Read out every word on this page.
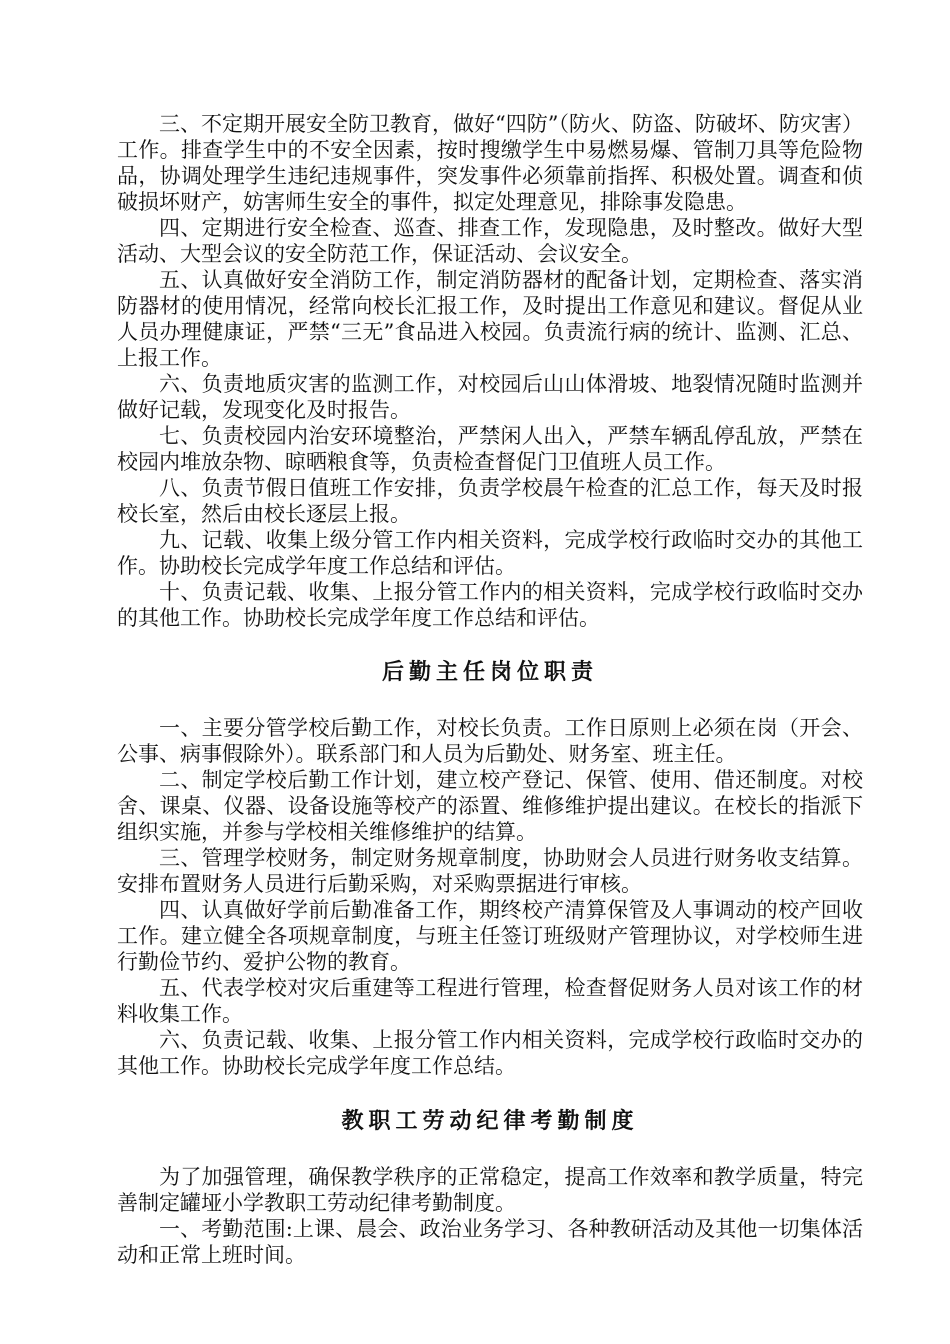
三、不定期开展安全防卫教育，做好“四防”（防火、防盗、防破坏、防灾害）工作。排查学生中的不安全因素，按时搜缴学生中易燃易爆、管制刀具等危险物品，协调处理学生违纪违规事件，突发事件必须靠前指挥、积极处置。调查和侦破损坏财产，妨害师生安全的事件，拟定处理意见，排除事发隐患。

四、定期进行安全检查、巡查、排查工作，发现隐患，及时整改。做好大型活动、大型会议的安全防范工作，保证活动、会议安全。

五、认真做好安全消防工作，制定消防器材的配备计划，定期检查、落实消防器材的使用情况，经常向校长汇报工作，及时提出工作意见和建议。督促从业人员办理健康证，严禁“三无”食品进入校园。负责流行病的统计、监测、汇总、上报工作。

六、负责地质灾害的监测工作，对校园后山山体滑坡、地裂情况随时监测并做好记载，发现变化及时报告。

七、负责校园内治安环境整治，严禁闲人出入，严禁车辆乱停乱放，严禁在校园内堆放杂物、晾晒粮食等，负责检查督促门卫值班人员工作。

八、负责节假日值班工作安排，负责学校晨午检查的汇总工作，每天及时报校长室，然后由校长逐层上报。

九、记载、收集上级分管工作内相关资料，完成学校行政临时交办的其他工作。协助校长完成学年度工作总结和评估。

十、负责记载、收集、上报分管工作内的相关资料，完成学校行政临时交办的其他工作。协助校长完成学年度工作总结和评估。

后勤主任岗位职责

一、主要分管学校后勤工作，对校长负责。工作日原则上必须在岗（开会、公事、病事假除外）。联系部门和人员为后勤处、财务室、班主任。

二、制定学校后勤工作计划，建立校产登记、保管、使用、借还制度。对校舍、课桌、仪器、设备设施等校产的添置、维修维护提出建议。在校长的指派下组织实施，并参与学校相关维修维护的结算。

三、管理学校财务，制定财务规章制度，协助财会人员进行财务收支结算。安排布置财务人员进行后勤采购，对采购票据进行审核。

四、认真做好学前后勤准备工作，期终校产清算保管及人事调动的校产回收工作。建立健全各项规章制度，与班主任签订班级财产管理协议，对学校师生进行勤俭节约、爱护公物的教育。

五、代表学校对灾后重建等工程进行管理，检查督促财务人员对该工作的材料收集工作。

六、负责记载、收集、上报分管工作内相关资料，完成学校行政临时交办的其他工作。协助校长完成学年度工作总结。

教职工劳动纪律考勤制度

为了加强管理，确保教学秩序的正常稳定，提高工作效率和教学质量，特完善制定罐垭小学教职工劳动纪律考勤制度。

一、考勤范围:上课、晨会、政治业务学习、各种教研活动及其他一切集体活动和正常上班时间。
